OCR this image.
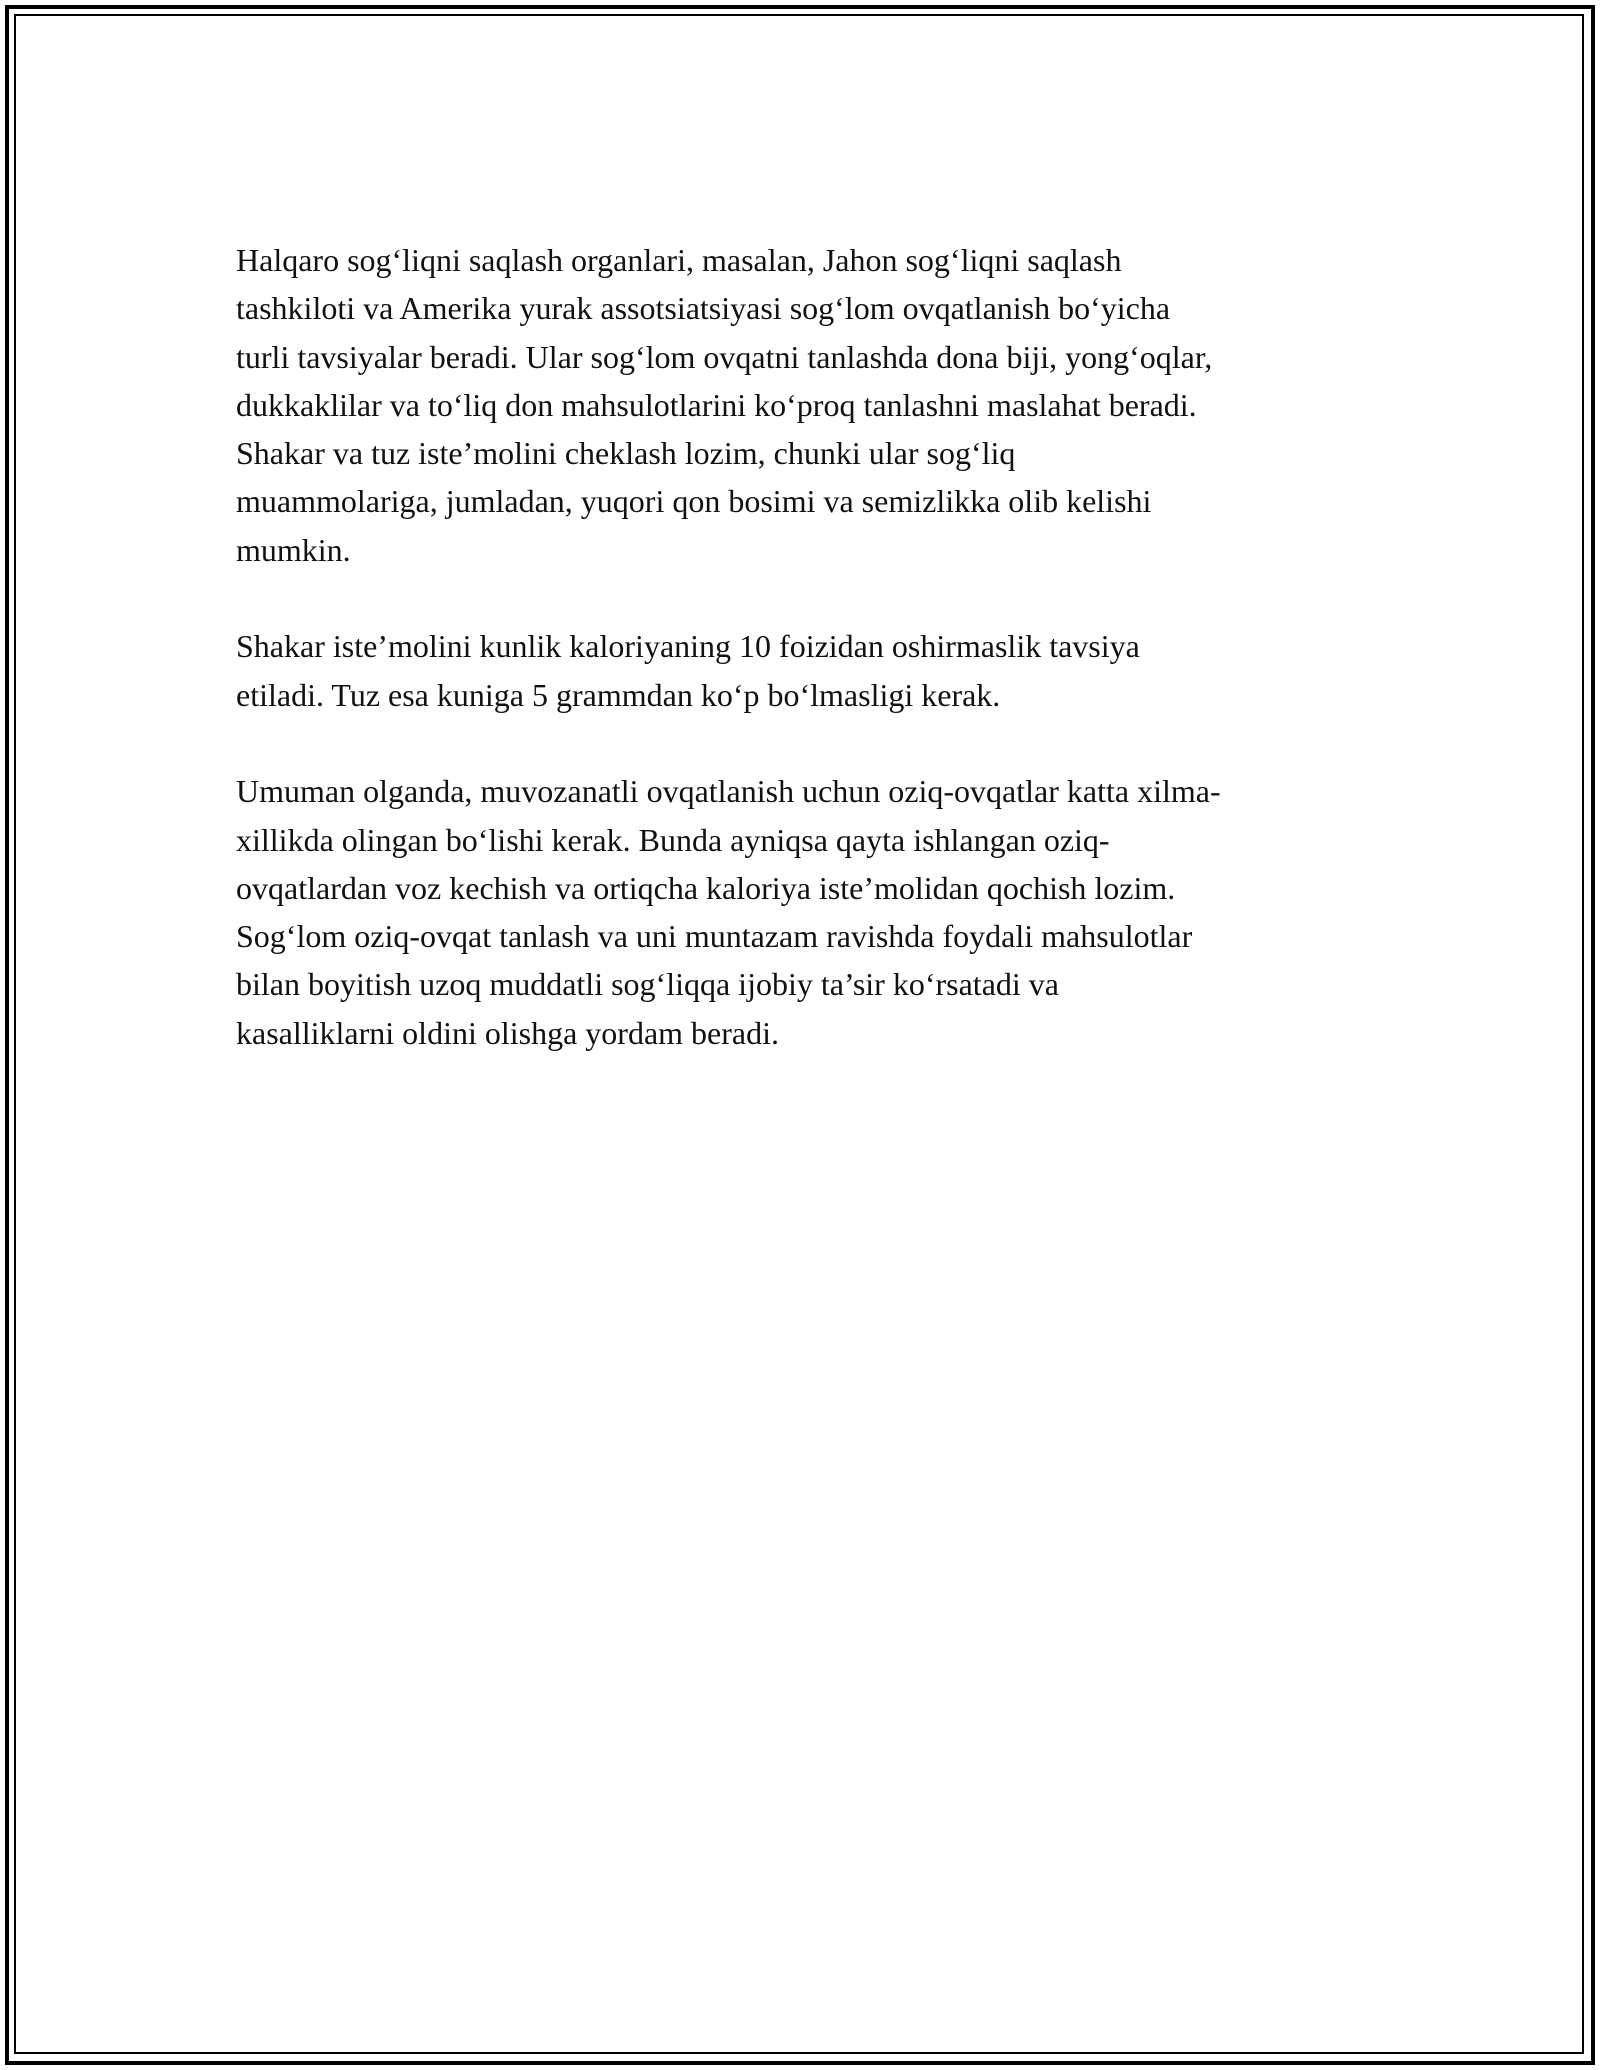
Halqaro sog‘liqni saqlash organlari, masalan, Jahon sog‘liqni saqlash
tashkiloti va Amerika yurak assotsiatsiyasi sog‘lom ovqatlanish bo‘yicha
turli tavsiyalar beradi. Ular sog‘lom ovqatni tanlashda dona biji, yong‘oqlar,
dukkaklilar va to‘liq don mahsulotlarini ko‘proq tanlashni maslahat beradi.
Shakar va tuz iste’molini cheklash lozim, chunki ular sog‘liq
muammolariga, jumladan, yuqori qon bosimi va semizlikka olib kelishi
mumkin.

Shakar iste’molini kunlik kaloriyaning 10 foizidan oshirmaslik tavsiya
etiladi. Tuz esa kuniga 5 grammdan ko‘p bo‘lmasligi kerak.

Umuman olganda, muvozanatli ovqatlanish uchun oziq-ovqatlar katta xilma-
xillikda olingan bo‘lishi kerak. Bunda ayniqsa qayta ishlangan oziq-
ovqatlardan voz kechish va ortiqcha kaloriya iste’molidan qochish lozim.
Sog‘lom oziq-ovqat tanlash va uni muntazam ravishda foydali mahsulotlar
bilan boyitish uzoq muddatli sog‘liqqa ijobiy ta’sir ko‘rsatadi va
kasalliklarni oldini olishga yordam beradi.
